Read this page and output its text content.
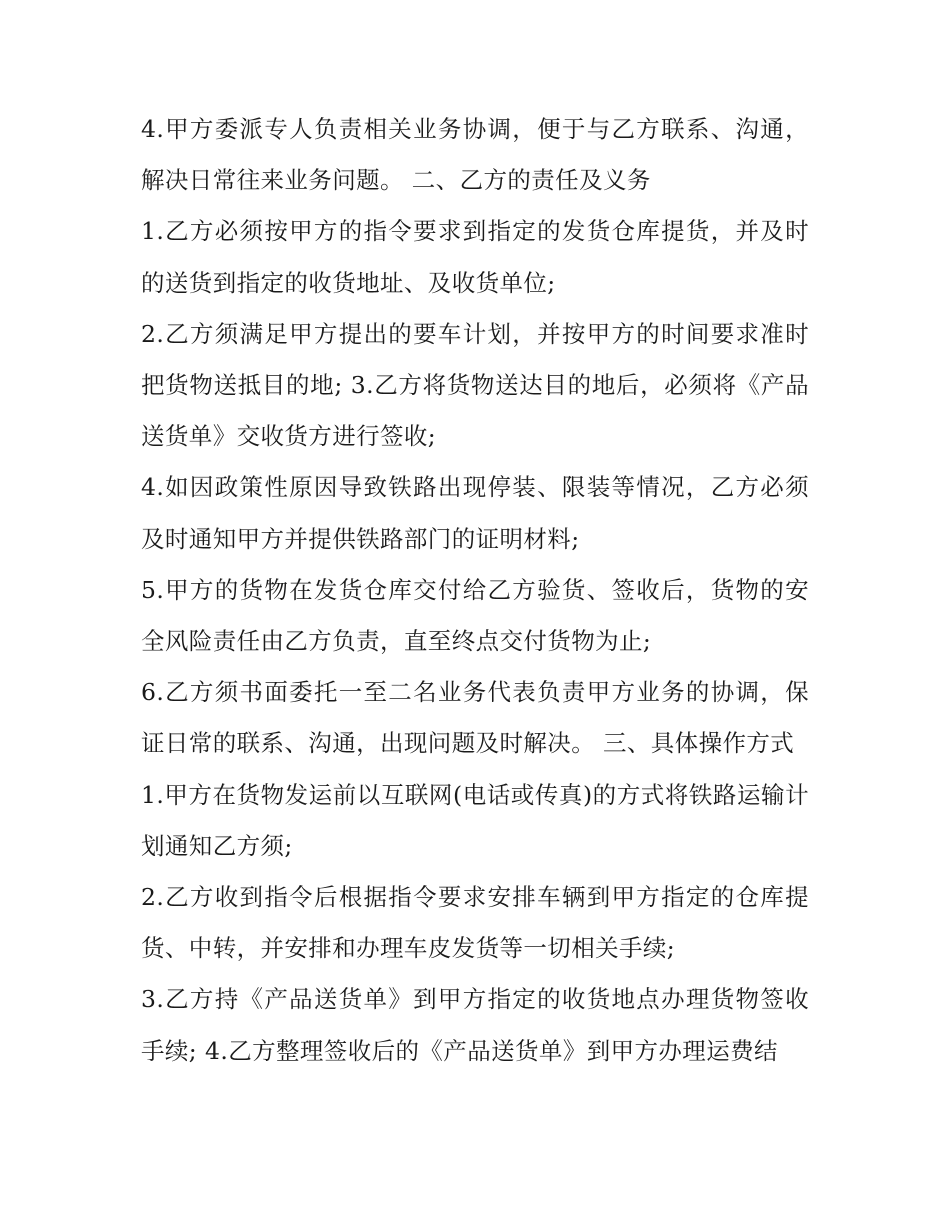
4.甲方委派专人负责相关业务协调，便于与乙方联系、沟通，解决日常往来业务问题。 二、乙方的责任及义务

1.乙方必须按甲方的指令要求到指定的发货仓库提货，并及时的送货到指定的收货地址、及收货单位;

2.乙方须满足甲方提出的要车计划，并按甲方的时间要求准时把货物送抵目的地; 3.乙方将货物送达目的地后，必须将《产品送货单》交收货方进行签收;

4.如因政策性原因导致铁路出现停装、限装等情况，乙方必须及时通知甲方并提供铁路部门的证明材料;

5.甲方的货物在发货仓库交付给乙方验货、签收后，货物的安全风险责任由乙方负责，直至终点交付货物为止;

6.乙方须书面委托一至二名业务代表负责甲方业务的协调，保证日常的联系、沟通，出现问题及时解决。 三、具体操作方式

1.甲方在货物发运前以互联网(电话或传真)的方式将铁路运输计划通知乙方须;

2.乙方收到指令后根据指令要求安排车辆到甲方指定的仓库提货、中转，并安排和办理车皮发货等一切相关手续;

3.乙方持《产品送货单》到甲方指定的收货地点办理货物签收手续; 4.乙方整理签收后的《产品送货单》到甲方办理运费结
